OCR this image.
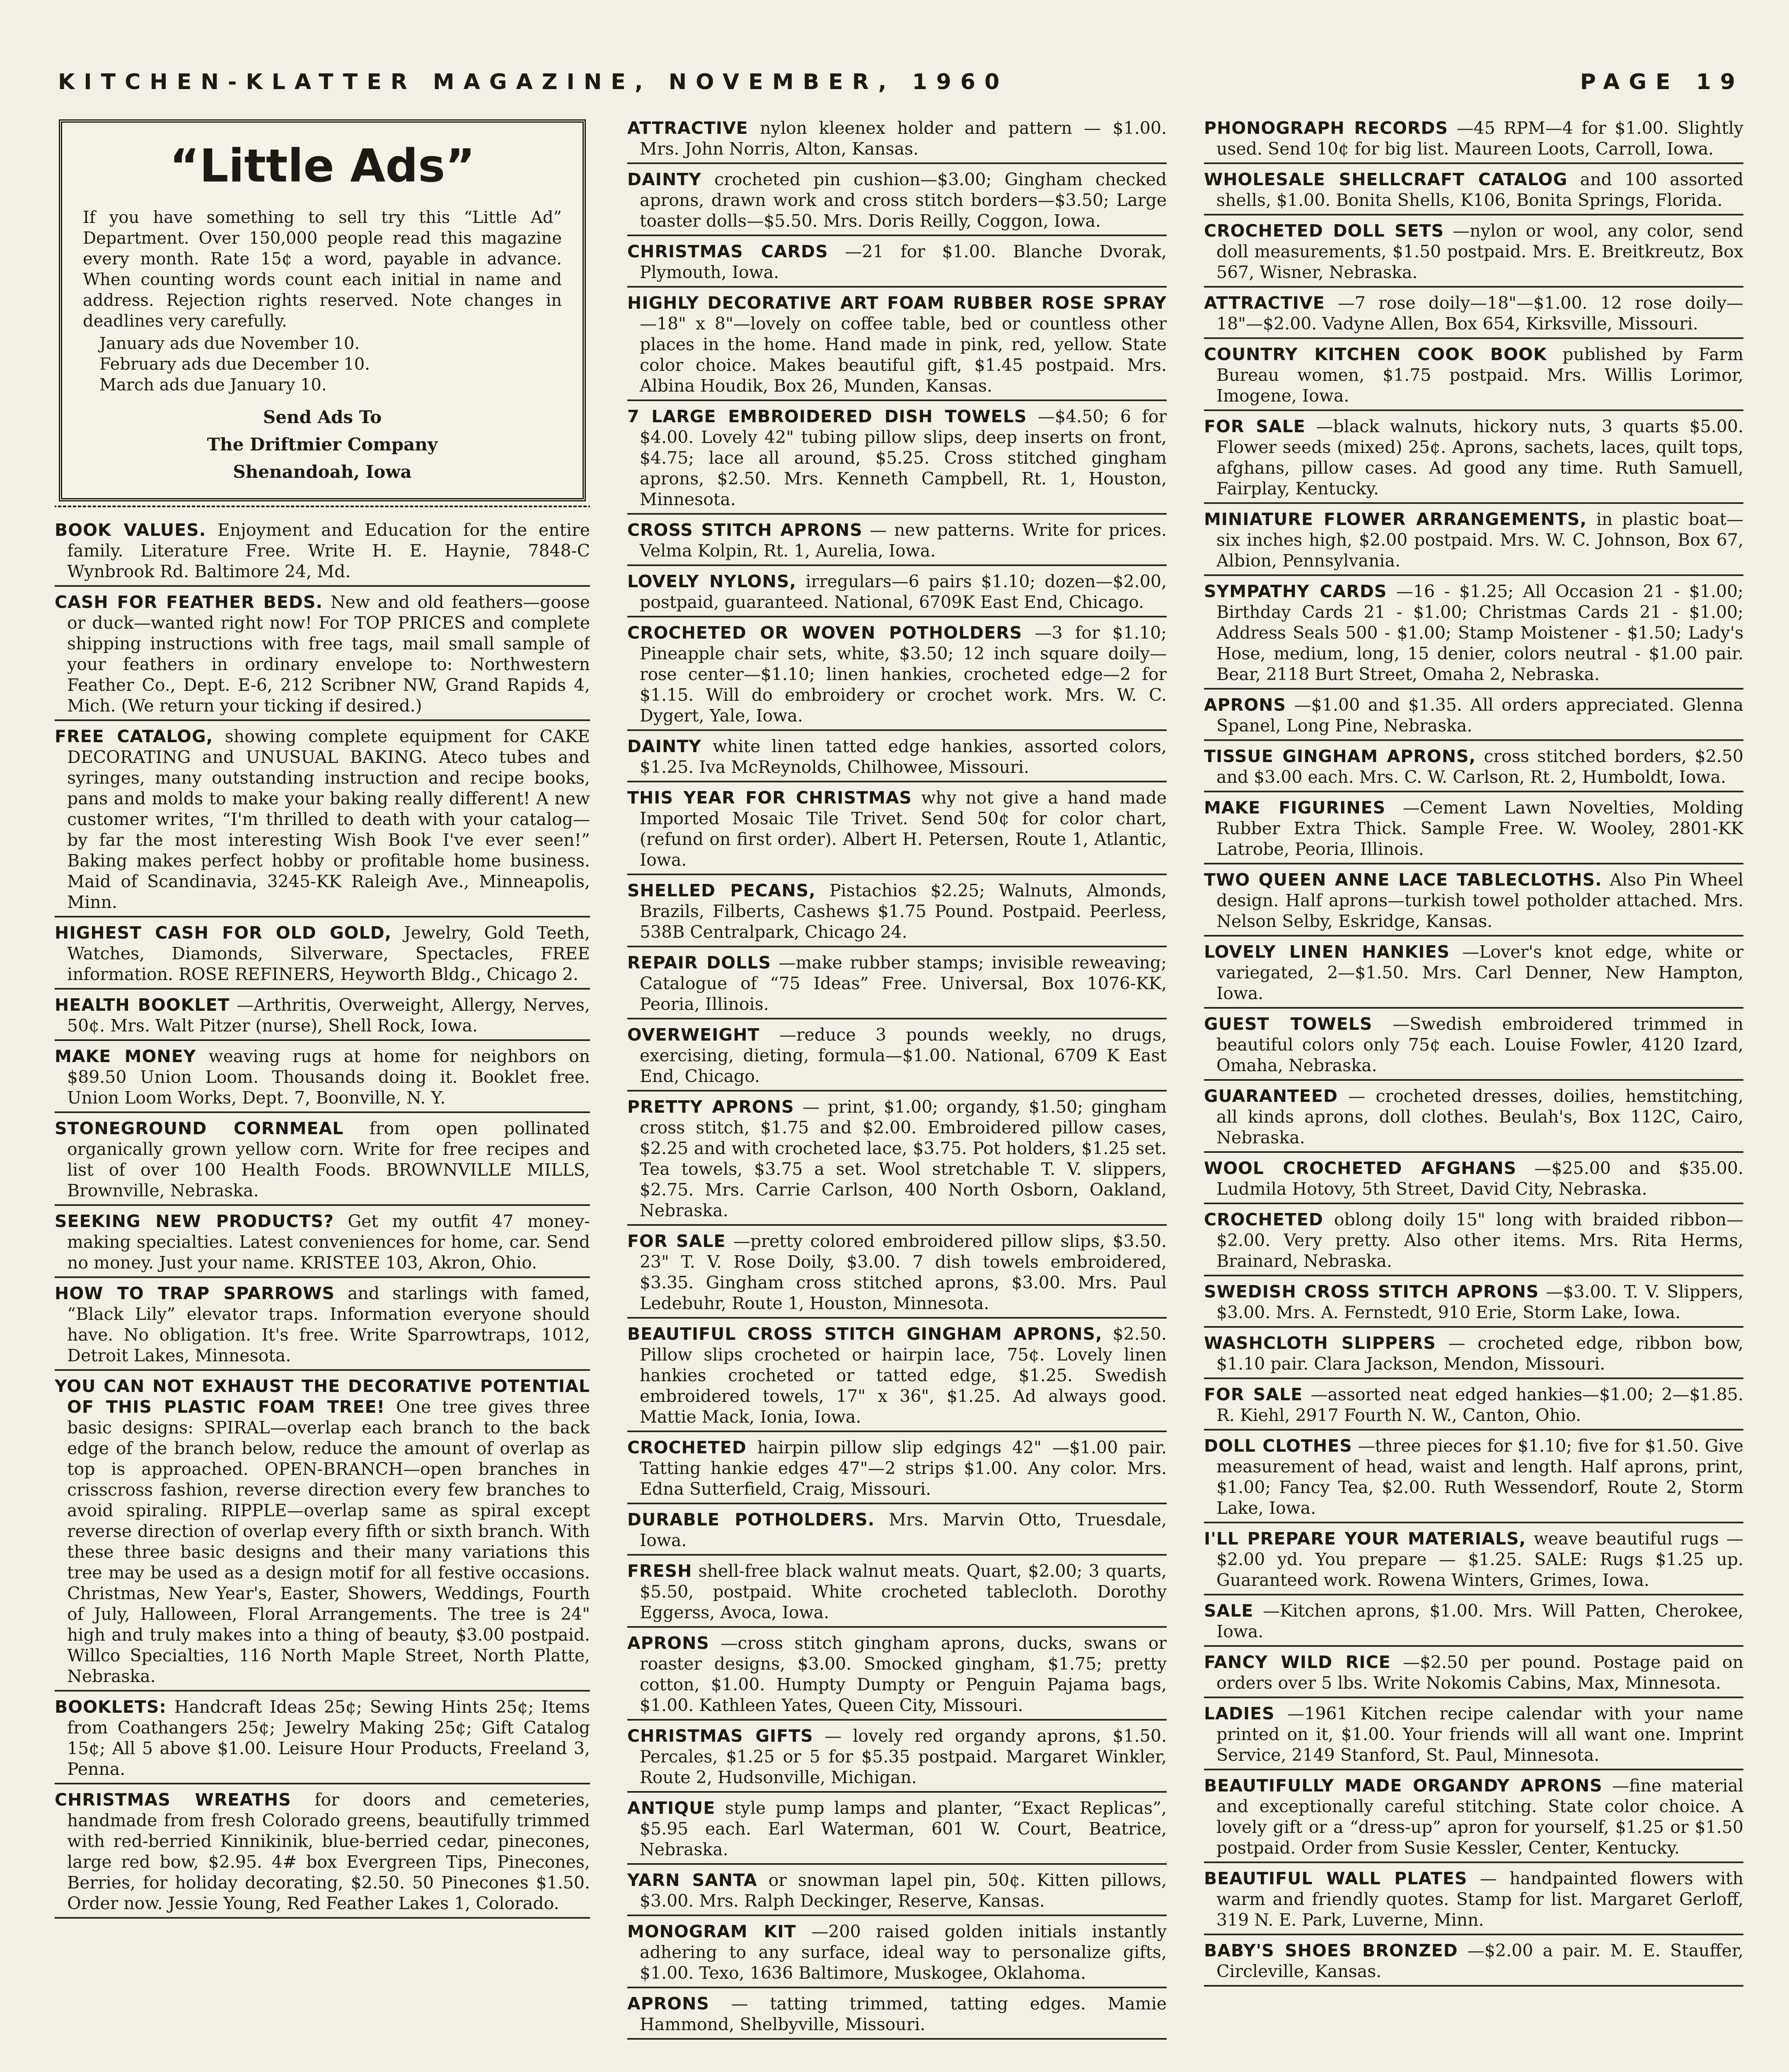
KITCHEN-KLATTER MAGAZINE, NOVEMBER, 1960	PAGE 19
“Little Ads”
If you have something to sell try this “Little Ad” Department. Over 150,000 people read this magazine every month. Rate 15¢ a word, payable in advance. When counting words count each initial in name and address. Rejection rights reserved. Note changes in deadlines very carefully.
January ads due November 10.
February ads due December 10.
March ads due January 10.
Send Ads To
The Driftmier Company
Shenandoah, Iowa
BOOK VALUES. Enjoyment and Education for the entire family. Literature Free. Write H. E. Haynie, 7848-C Wynbrook Rd. Baltimore 24, Md.
CASH FOR FEATHER BEDS. New and old feathers—goose or duck—wanted right now! For TOP PRICES and complete shipping instructions with free tags, mail small sample of your feathers in ordinary envelope to: Northwestern Feather Co., Dept. E-6, 212 Scribner NW, Grand Rapids 4, Mich. (We return your ticking if desired.)
FREE CATALOG, showing complete equipment for CAKE DECORATING and UNUSUAL BAKING. Ateco tubes and syringes, many outstanding instruction and recipe books, pans and molds to make your baking really different! A new customer writes, “I'm thrilled to death with your catalog—by far the most interesting Wish Book I've ever seen!” Baking makes perfect hobby or profitable home business. Maid of Scandinavia, 3245-KK Raleigh Ave., Minneapolis, Minn.
HIGHEST CASH FOR OLD GOLD, Jewelry, Gold Teeth, Watches, Diamonds, Silverware, Spectacles, FREE information. ROSE REFINERS, Heyworth Bldg., Chicago 2.
HEALTH BOOKLET —Arthritis, Overweight, Allergy, Nerves, 50¢. Mrs. Walt Pitzer (nurse), Shell Rock, Iowa.
MAKE MONEY weaving rugs at home for neighbors on $89.50 Union Loom. Thousands doing it. Booklet free. Union Loom Works, Dept. 7, Boonville, N. Y.
STONEGROUND CORNMEAL from open pollinated organically grown yellow corn. Write for free recipes and list of over 100 Health Foods. BROWNVILLE MILLS, Brownville, Nebraska.
SEEKING NEW PRODUCTS? Get my outfit 47 money-making specialties. Latest conveniences for home, car. Send no money. Just your name. KRISTEE 103, Akron, Ohio.
HOW TO TRAP SPARROWS and starlings with famed, “Black Lily” elevator traps. Information everyone should have. No obligation. It's free. Write Sparrowtraps, 1012, Detroit Lakes, Minnesota.
YOU CAN NOT EXHAUST THE DECORATIVE POTENTIAL OF THIS PLASTIC FOAM TREE! One tree gives three basic designs: SPIRAL—overlap each branch to the back edge of the branch below, reduce the amount of overlap as top is approached. OPEN-BRANCH—open branches in crisscross fashion, reverse direction every few branches to avoid spiraling. RIPPLE—overlap same as spiral except reverse direction of overlap every fifth or sixth branch. With these three basic designs and their many variations this tree may be used as a design motif for all festive occasions. Christmas, New Year's, Easter, Showers, Weddings, Fourth of July, Halloween, Floral Arrangements. The tree is 24" high and truly makes into a thing of beauty, $3.00 postpaid. Willco Specialties, 116 North Maple Street, North Platte, Nebraska.
BOOKLETS: Handcraft Ideas 25¢; Sewing Hints 25¢; Items from Coathangers 25¢; Jewelry Making 25¢; Gift Catalog 15¢; All 5 above $1.00. Leisure Hour Products, Freeland 3, Penna.
CHRISTMAS WREATHS for doors and cemeteries, handmade from fresh Colorado greens, beautifully trimmed with red-berried Kinnikinik, blue-berried cedar, pinecones, large red bow, $2.95. 4# box Evergreen Tips, Pinecones, Berries, for holiday decorating, $2.50. 50 Pinecones $1.50. Order now. Jessie Young, Red Feather Lakes 1, Colorado.
ATTRACTIVE nylon kleenex holder and pattern — $1.00. Mrs. John Norris, Alton, Kansas.
DAINTY crocheted pin cushion—$3.00; Gingham checked aprons, drawn work and cross stitch borders—$3.50; Large toaster dolls—$5.50. Mrs. Doris Reilly, Coggon, Iowa.
CHRISTMAS CARDS —21 for $1.00. Blanche Dvorak, Plymouth, Iowa.
HIGHLY DECORATIVE ART FOAM RUBBER ROSE SPRAY —18" x 8"—lovely on coffee table, bed or countless other places in the home. Hand made in pink, red, yellow. State color choice. Makes beautiful gift, $1.45 postpaid. Mrs. Albina Houdik, Box 26, Munden, Kansas.
7 LARGE EMBROIDERED DISH TOWELS —$4.50; 6 for $4.00. Lovely 42" tubing pillow slips, deep inserts on front, $4.75; lace all around, $5.25. Cross stitched gingham aprons, $2.50. Mrs. Kenneth Campbell, Rt. 1, Houston, Minnesota.
CROSS STITCH APRONS — new patterns. Write for prices. Velma Kolpin, Rt. 1, Aurelia, Iowa.
LOVELY NYLONS, irregulars—6 pairs $1.10; dozen—$2.00, postpaid, guaranteed. National, 6709K East End, Chicago.
CROCHETED OR WOVEN POTHOLDERS —3 for $1.10; Pineapple chair sets, white, $3.50; 12 inch square doily—rose center—$1.10; linen hankies, crocheted edge—2 for $1.15. Will do embroidery or crochet work. Mrs. W. C. Dygert, Yale, Iowa.
DAINTY white linen tatted edge hankies, assorted colors, $1.25. Iva McReynolds, Chilhowee, Missouri.
THIS YEAR FOR CHRISTMAS why not give a hand made Imported Mosaic Tile Trivet. Send 50¢ for color chart, (refund on first order). Albert H. Petersen, Route 1, Atlantic, Iowa.
SHELLED PECANS, Pistachios $2.25; Walnuts, Almonds, Brazils, Filberts, Cashews $1.75 Pound. Postpaid. Peerless, 538B Centralpark, Chicago 24.
REPAIR DOLLS —make rubber stamps; invisible reweaving; Catalogue of “75 Ideas” Free. Universal, Box 1076-KK, Peoria, Illinois.
OVERWEIGHT —reduce 3 pounds weekly, no drugs, exercising, dieting, formula—$1.00. National, 6709 K East End, Chicago.
PRETTY APRONS — print, $1.00; organdy, $1.50; gingham cross stitch, $1.75 and $2.00. Embroidered pillow cases, $2.25 and with crocheted lace, $3.75. Pot holders, $1.25 set. Tea towels, $3.75 a set. Wool stretchable T. V. slippers, $2.75. Mrs. Carrie Carlson, 400 North Osborn, Oakland, Nebraska.
FOR SALE —pretty colored embroidered pillow slips, $3.50. 23" T. V. Rose Doily, $3.00. 7 dish towels embroidered, $3.35. Gingham cross stitched aprons, $3.00. Mrs. Paul Ledebuhr, Route 1, Houston, Minnesota.
BEAUTIFUL CROSS STITCH GINGHAM APRONS, $2.50. Pillow slips crocheted or hairpin lace, 75¢. Lovely linen hankies crocheted or tatted edge, $1.25. Swedish embroidered towels, 17" x 36", $1.25. Ad always good. Mattie Mack, Ionia, Iowa.
CROCHETED hairpin pillow slip edgings 42" —$1.00 pair. Tatting hankie edges 47"—2 strips $1.00. Any color. Mrs. Edna Sutterfield, Craig, Missouri.
DURABLE POTHOLDERS. Mrs. Marvin Otto, Truesdale, Iowa.
FRESH shell-free black walnut meats. Quart, $2.00; 3 quarts, $5.50, postpaid. White crocheted tablecloth. Dorothy Eggerss, Avoca, Iowa.
APRONS —cross stitch gingham aprons, ducks, swans or roaster designs, $3.00. Smocked gingham, $1.75; pretty cotton, $1.00. Humpty Dumpty or Penguin Pajama bags, $1.00. Kathleen Yates, Queen City, Missouri.
CHRISTMAS GIFTS — lovely red organdy aprons, $1.50. Percales, $1.25 or 5 for $5.35 postpaid. Margaret Winkler, Route 2, Hudsonville, Michigan.
ANTIQUE style pump lamps and planter, “Exact Replicas”, $5.95 each. Earl Waterman, 601 W. Court, Beatrice, Nebraska.
YARN SANTA or snowman lapel pin, 50¢. Kitten pillows, $3.00. Mrs. Ralph Deckinger, Reserve, Kansas.
MONOGRAM KIT —200 raised golden initials instantly adhering to any surface, ideal way to personalize gifts, $1.00. Texo, 1636 Baltimore, Muskogee, Oklahoma.
APRONS — tatting trimmed, tatting edges. Mamie Hammond, Shelbyville, Missouri.
PHONOGRAPH RECORDS —45 RPM—4 for $1.00. Slightly used. Send 10¢ for big list. Maureen Loots, Carroll, Iowa.
WHOLESALE SHELLCRAFT CATALOG and 100 assorted shells, $1.00. Bonita Shells, K106, Bonita Springs, Florida.
CROCHETED DOLL SETS —nylon or wool, any color, send doll measurements, $1.50 postpaid. Mrs. E. Breitkreutz, Box 567, Wisner, Nebraska.
ATTRACTIVE —7 rose doily—18"—$1.00. 12 rose doily—18"—$2.00. Vadyne Allen, Box 654, Kirksville, Missouri.
COUNTRY KITCHEN COOK BOOK published by Farm Bureau women, $1.75 postpaid. Mrs. Willis Lorimor, Imogene, Iowa.
FOR SALE —black walnuts, hickory nuts, 3 quarts $5.00. Flower seeds (mixed) 25¢. Aprons, sachets, laces, quilt tops, afghans, pillow cases. Ad good any time. Ruth Samuell, Fairplay, Kentucky.
MINIATURE FLOWER ARRANGEMENTS, in plastic boat—six inches high, $2.00 postpaid. Mrs. W. C. Johnson, Box 67, Albion, Pennsylvania.
SYMPATHY CARDS —16 - $1.25; All Occasion 21 - $1.00; Birthday Cards 21 - $1.00; Christmas Cards 21 - $1.00; Address Seals 500 - $1.00; Stamp Moistener - $1.50; Lady's Hose, medium, long, 15 denier, colors neutral - $1.00 pair. Bear, 2118 Burt Street, Omaha 2, Nebraska.
APRONS —$1.00 and $1.35. All orders appreciated. Glenna Spanel, Long Pine, Nebraska.
TISSUE GINGHAM APRONS, cross stitched borders, $2.50 and $3.00 each. Mrs. C. W. Carlson, Rt. 2, Humboldt, Iowa.
MAKE FIGURINES —Cement Lawn Novelties, Molding Rubber Extra Thick. Sample Free. W. Wooley, 2801-KK Latrobe, Peoria, Illinois.
TWO QUEEN ANNE LACE TABLECLOTHS. Also Pin Wheel design. Half aprons—turkish towel potholder attached. Mrs. Nelson Selby, Eskridge, Kansas.
LOVELY LINEN HANKIES —Lover's knot edge, white or variegated, 2—$1.50. Mrs. Carl Denner, New Hampton, Iowa.
GUEST TOWELS —Swedish embroidered trimmed in beautiful colors only 75¢ each. Louise Fowler, 4120 Izard, Omaha, Nebraska.
GUARANTEED — crocheted dresses, doilies, hemstitching, all kinds aprons, doll clothes. Beulah's, Box 112C, Cairo, Nebraska.
WOOL CROCHETED AFGHANS —$25.00 and $35.00. Ludmila Hotovy, 5th Street, David City, Nebraska.
CROCHETED oblong doily 15" long with braided ribbon—$2.00. Very pretty. Also other items. Mrs. Rita Herms, Brainard, Nebraska.
SWEDISH CROSS STITCH APRONS —$3.00. T. V. Slippers, $3.00. Mrs. A. Fernstedt, 910 Erie, Storm Lake, Iowa.
WASHCLOTH SLIPPERS — crocheted edge, ribbon bow, $1.10 pair. Clara Jackson, Mendon, Missouri.
FOR SALE —assorted neat edged hankies—$1.00; 2—$1.85. R. Kiehl, 2917 Fourth N. W., Canton, Ohio.
DOLL CLOTHES —three pieces for $1.10; five for $1.50. Give measurement of head, waist and length. Half aprons, print, $1.00; Fancy Tea, $2.00. Ruth Wessendorf, Route 2, Storm Lake, Iowa.
I'LL PREPARE YOUR MATERIALS, weave beautiful rugs — $2.00 yd. You prepare — $1.25. SALE: Rugs $1.25 up. Guaranteed work. Rowena Winters, Grimes, Iowa.
SALE —Kitchen aprons, $1.00. Mrs. Will Patten, Cherokee, Iowa.
FANCY WILD RICE —$2.50 per pound. Postage paid on orders over 5 lbs. Write Nokomis Cabins, Max, Minnesota.
LADIES —1961 Kitchen recipe calendar with your name printed on it, $1.00. Your friends will all want one. Imprint Service, 2149 Stanford, St. Paul, Minnesota.
BEAUTIFULLY MADE ORGANDY APRONS —fine material and exceptionally careful stitching. State color choice. A lovely gift or a “dress-up” apron for yourself, $1.25 or $1.50 postpaid. Order from Susie Kessler, Center, Kentucky.
BEAUTIFUL WALL PLATES — handpainted flowers with warm and friendly quotes. Stamp for list. Margaret Gerloff, 319 N. E. Park, Luverne, Minn.
BABY'S SHOES BRONZED —$2.00 a pair. M. E. Stauffer, Circleville, Kansas.
